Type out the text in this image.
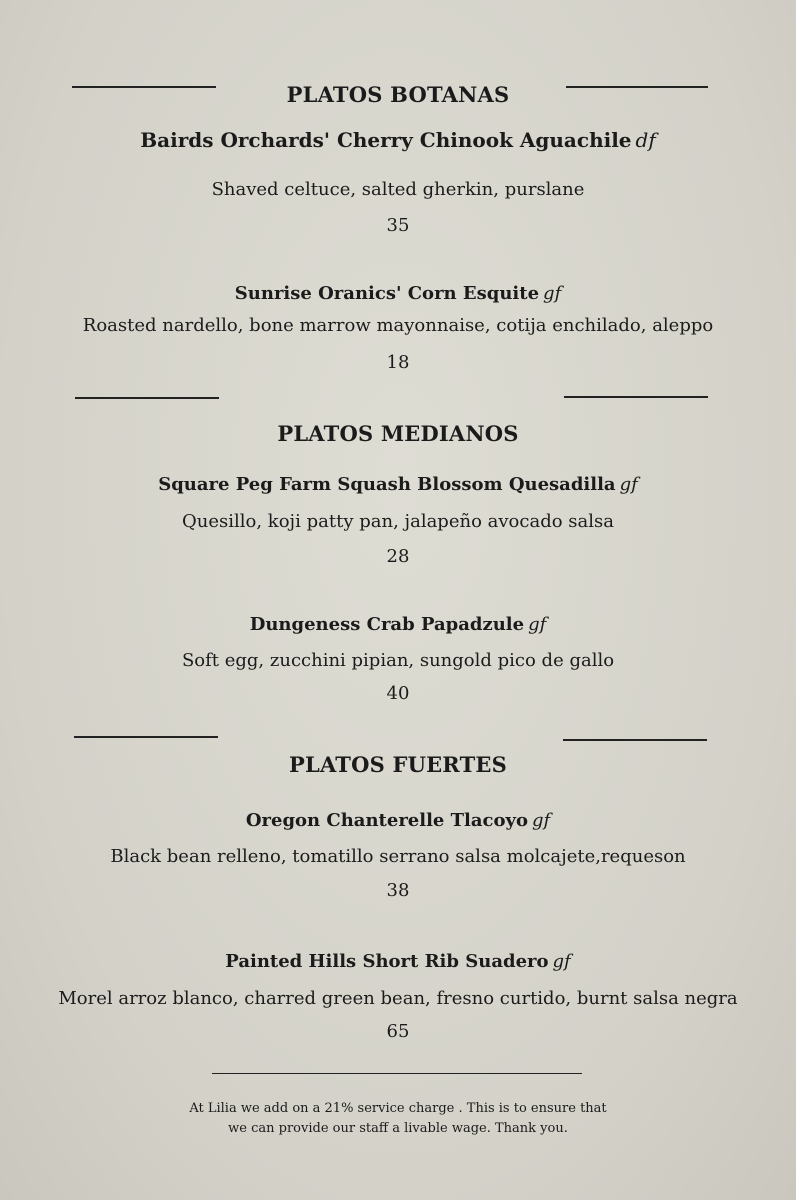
PLATOS BOTANAS
Bairds Orchards' Cherry Chinook Aguachile df
Shaved celtuce, salted gherkin, purslane
35
Sunrise Oranics' Corn Esquite gf
Roasted nardello, bone marrow mayonnaise, cotija enchilado, aleppo
18
PLATOS MEDIANOS
Square Peg Farm Squash Blossom Quesadilla gf
Quesillo, koji patty pan, jalapeño avocado salsa
28
Dungeness Crab Papadzule gf
Soft egg, zucchini pipian, sungold pico de gallo
40
PLATOS FUERTES
Oregon Chanterelle Tlacoyo gf
Black bean relleno, tomatillo serrano salsa molcajete,requeson
38
Painted Hills Short Rib Suadero gf
Morel arroz blanco, charred green bean, fresno curtido, burnt salsa negra
65
At Lilia we add on a 21% service charge . This is to ensure that
we can provide our staff a livable wage. Thank you.
